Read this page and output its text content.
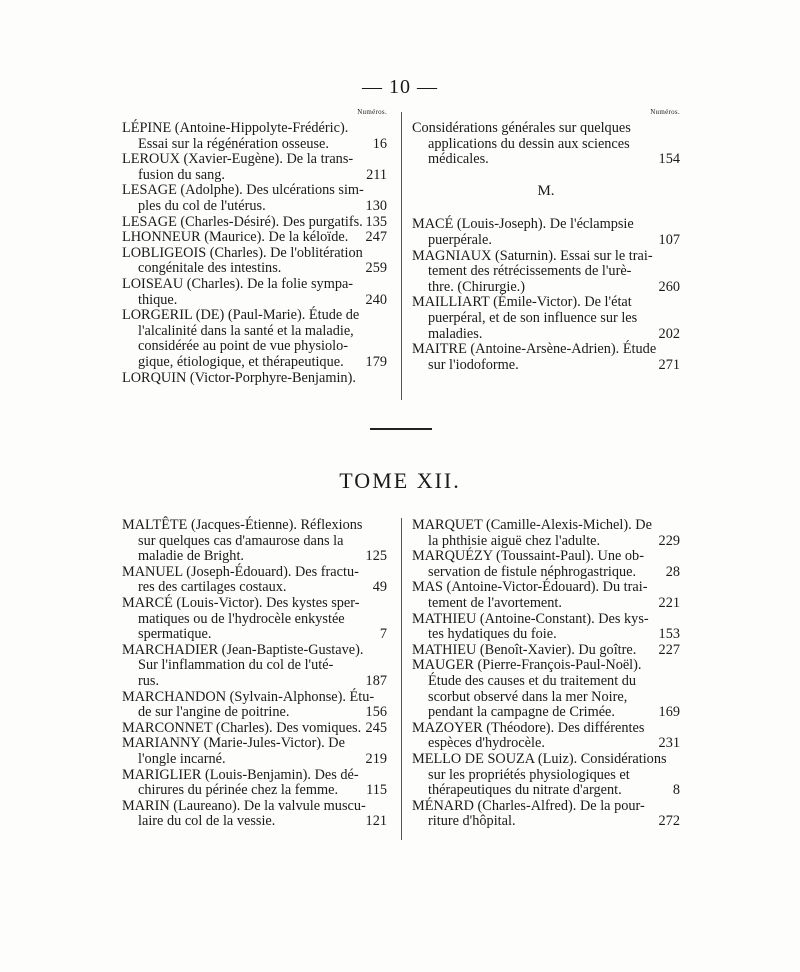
— 10 —
Numéros.
LÉPINE (Antoine-Hippolyte-Frédéric).
Essai sur la régénération osseuse.	16
LEROUX (Xavier-Eugène). De la trans-
fusion du sang.	211
LESAGE (Adolphe). Des ulcérations sim-
ples du col de l'utérus.	130
LESAGE (Charles-Désiré). Des purgatifs. 135
LHONNEUR (Maurice). De la kéloïde. 247
LOBLIGEOIS (Charles). De l'oblitération
congénitale des intestins.	259
LOISEAU (Charles). De la folie sympa-
thique.	240
LORGERIL (DE) (Paul-Marie). Étude de
l'alcalinité dans la santé et la maladie,
considérée au point de vue physiolo-
gique, étiologique, et thérapeutique. 179
LORQUIN (Victor-Porphyre-Benjamin).
Numéros.
Considérations générales sur quelques
applications du dessin aux sciences
médicales.	154
M.
MACÉ (Louis-Joseph). De l'éclampsie
puerpérale.	107
MAGNIAUX (Saturnin). Essai sur le trai-
tement des rétrécissements de l'urè-
thre. (Chirurgie.)	260
MAILLIART (Émile-Victor). De l'état
puerpéral, et de son influence sur les
maladies.	202
MAITRE (Antoine-Arsène-Adrien). Étude
sur l'iodoforme.	271
TOME XII.
MALTÊTE (Jacques-Étienne). Réflexions
sur quelques cas d'amaurose dans la
maladie de Bright.	125
MANUEL (Joseph-Édouard). Des fractu-
res des cartilages costaux.	49
MARCÉ (Louis-Victor). Des kystes sper-
matiques ou de l'hydrocèle enkystée
spermatique.	7
MARCHADIER (Jean-Baptiste-Gustave).
Sur l'inflammation du col de l'uté-
rus.	187
MARCHANDON (Sylvain-Alphonse). Étu-
de sur l'angine de poitrine.	156
MARCONNET (Charles). Des vomiques. 245
MARIANNY (Marie-Jules-Victor). De
l'ongle incarné.	219
MARIGLIER (Louis-Benjamin). Des dé-
chirures du périnée chez la femme. 115
MARIN (Laureano). De la valvule muscu-
laire du col de la vessie.	121
MARQUET (Camille-Alexis-Michel). De
la phthisie aiguë chez l'adulte.	229
MARQUÉZY (Toussaint-Paul). Une ob-
servation de fistule néphrogastrique. 28
MAS (Antoine-Victor-Édouard). Du trai-
tement de l'avortement.	221
MATHIEU (Antoine-Constant). Des kys-
tes hydatiques du foie.	153
MATHIEU (Benoît-Xavier). Du goître. 227
MAUGER (Pierre-François-Paul-Noël).
Étude des causes et du traitement du
scorbut observé dans la mer Noire,
pendant la campagne de Crimée.	169
MAZOYER (Théodore). Des différentes
espèces d'hydrocèle.	231
MELLO DE SOUZA (Luiz). Considérations
sur les propriétés physiologiques et
thérapeutiques du nitrate d'argent.	8
MÉNARD (Charles-Alfred). De la pour-
riture d'hôpital.	272
